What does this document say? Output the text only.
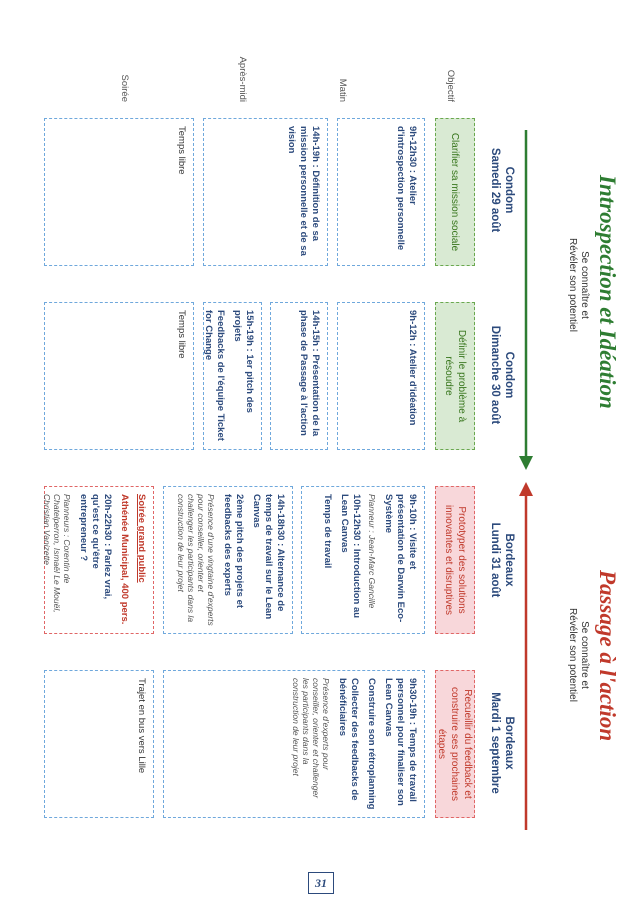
Introspection et Idéation
Se connaître et
Révéler son potentiel
Passage à l'action
Se connaître et
Révéler son potentiel
Condom
Samedi 29 août
Condom
Dimanche 30 août
Bordeaux
Lundi 31 août
Bordeaux
Mardi 1 septembre
Objectif
Matin
Après-midi
Soirée
Clarifier sa mission sociale
Définir le problème à résoudre
Prototyper des solutions innovantes et disruptives
Recueillir du feedback et construire ses prochaines étapes

9h-12h30 : Atelier d'introspection personnelle

14h-19h : Définition de sa mission personnelle et de sa vision

Temps libre

9h-12h : Atelier d'idéation

14h-15h : Présentation de la phase de Passage à l'action

15h-19h : 1er pitch des projets

Feedbacks de l'équipe Ticket for Change

Temps libre

9h-10h : Visite et présentation de Darwin Eco-Système

Planneur : Jean-Marc Gancille

10h-12h30 : Introduction au Lean Canvas

Temps de travail

14h-18h30 : Alternance de temps de travail sur le Lean Canvas

2ème pitch des projets et feedbacks des experts

Présence d'une vingtaine d'experts pour conseiller, orienter et challenger les participants dans la construction de leur projet

Soirée grand public

Athénée Municipal, 400 pers.

20h-22h30 : Parlez vrai, qu'est ce qu'être entrepreneur ?

Planneurs : Corentin de Chatelperron, Ismaël Le Mouël, Christian Vanizette

9h30-19h : Temps de travail personnel pour finaliser son Lean Canvas

Construire son rétroplanning

Collecter des feedbacks de bénéficiaires

Présence d'experts pour conseiller, orienter et challenger les participants dans la construction de leur projet

Trajet en bus vers Lille

31
